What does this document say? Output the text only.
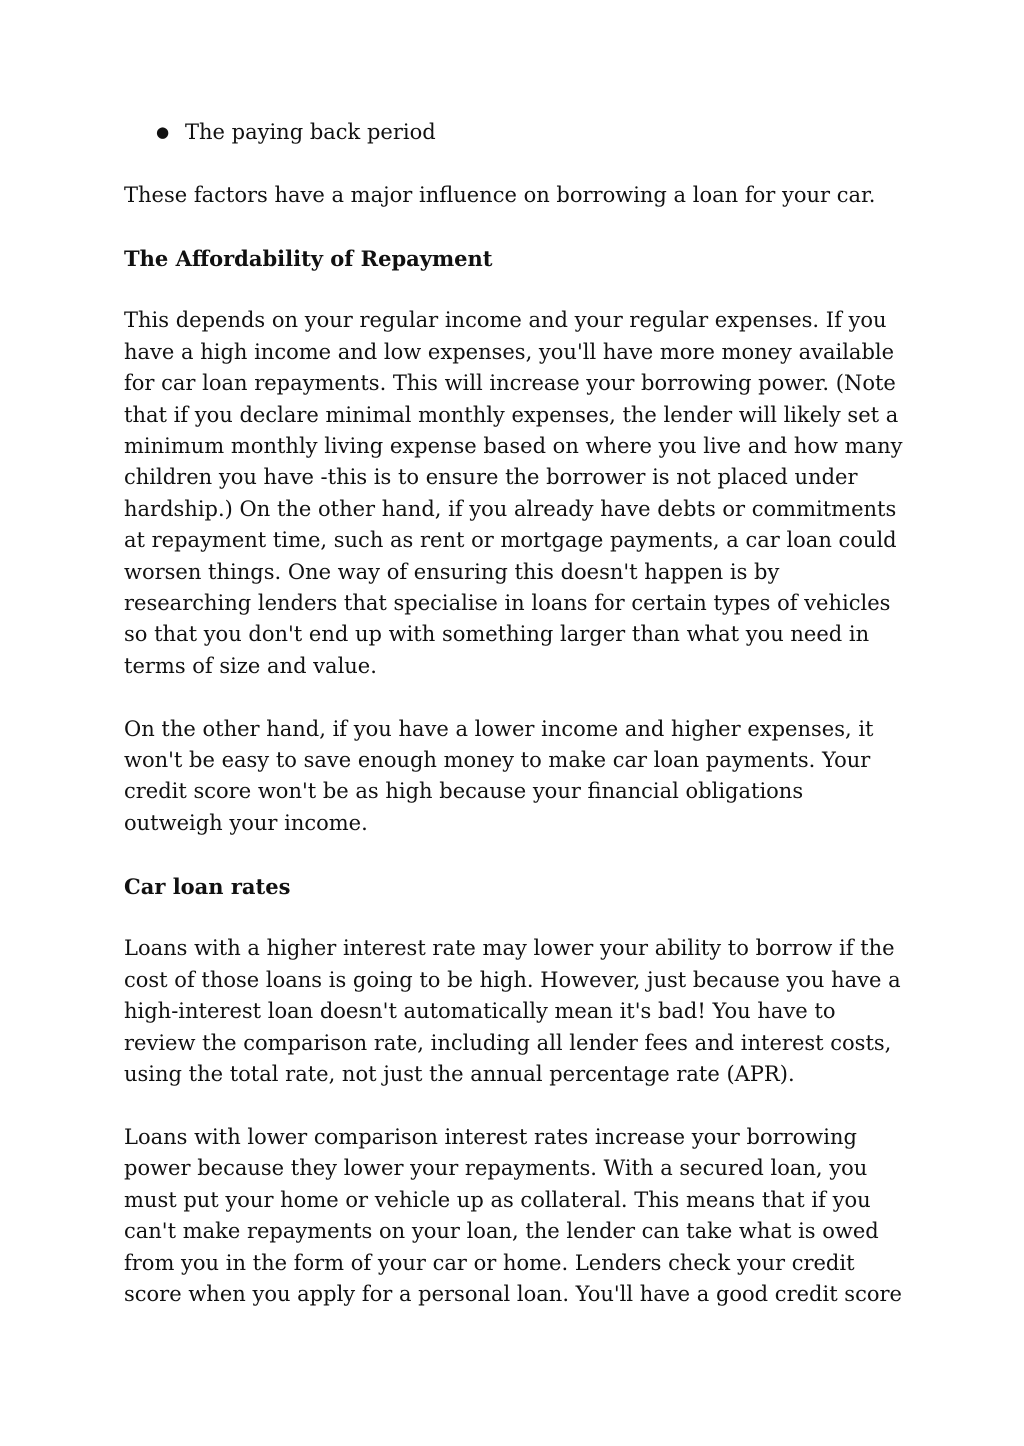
● The paying back period

These factors have a major influence on borrowing a loan for your car.

The Affordability of Repayment

This depends on your regular income and your regular expenses. If you have a high income and low expenses, you'll have more money available for car loan repayments. This will increase your borrowing power. (Note that if you declare minimal monthly expenses, the lender will likely set a minimum monthly living expense based on where you live and how many children you have -this is to ensure the borrower is not placed under hardship.) On the other hand, if you already have debts or commitments at repayment time, such as rent or mortgage payments, a car loan could worsen things. One way of ensuring this doesn't happen is by researching lenders that specialise in loans for certain types of vehicles so that you don't end up with something larger than what you need in terms of size and value.

On the other hand, if you have a lower income and higher expenses, it won't be easy to save enough money to make car loan payments. Your credit score won't be as high because your financial obligations outweigh your income.

Car loan rates

Loans with a higher interest rate may lower your ability to borrow if the cost of those loans is going to be high. However, just because you have a high-interest loan doesn't automatically mean it's bad! You have to review the comparison rate, including all lender fees and interest costs, using the total rate, not just the annual percentage rate (APR).

Loans with lower comparison interest rates increase your borrowing power because they lower your repayments. With a secured loan, you must put your home or vehicle up as collateral. This means that if you can't make repayments on your loan, the lender can take what is owed from you in the form of your car or home. Lenders check your credit score when you apply for a personal loan. You'll have a good credit score
